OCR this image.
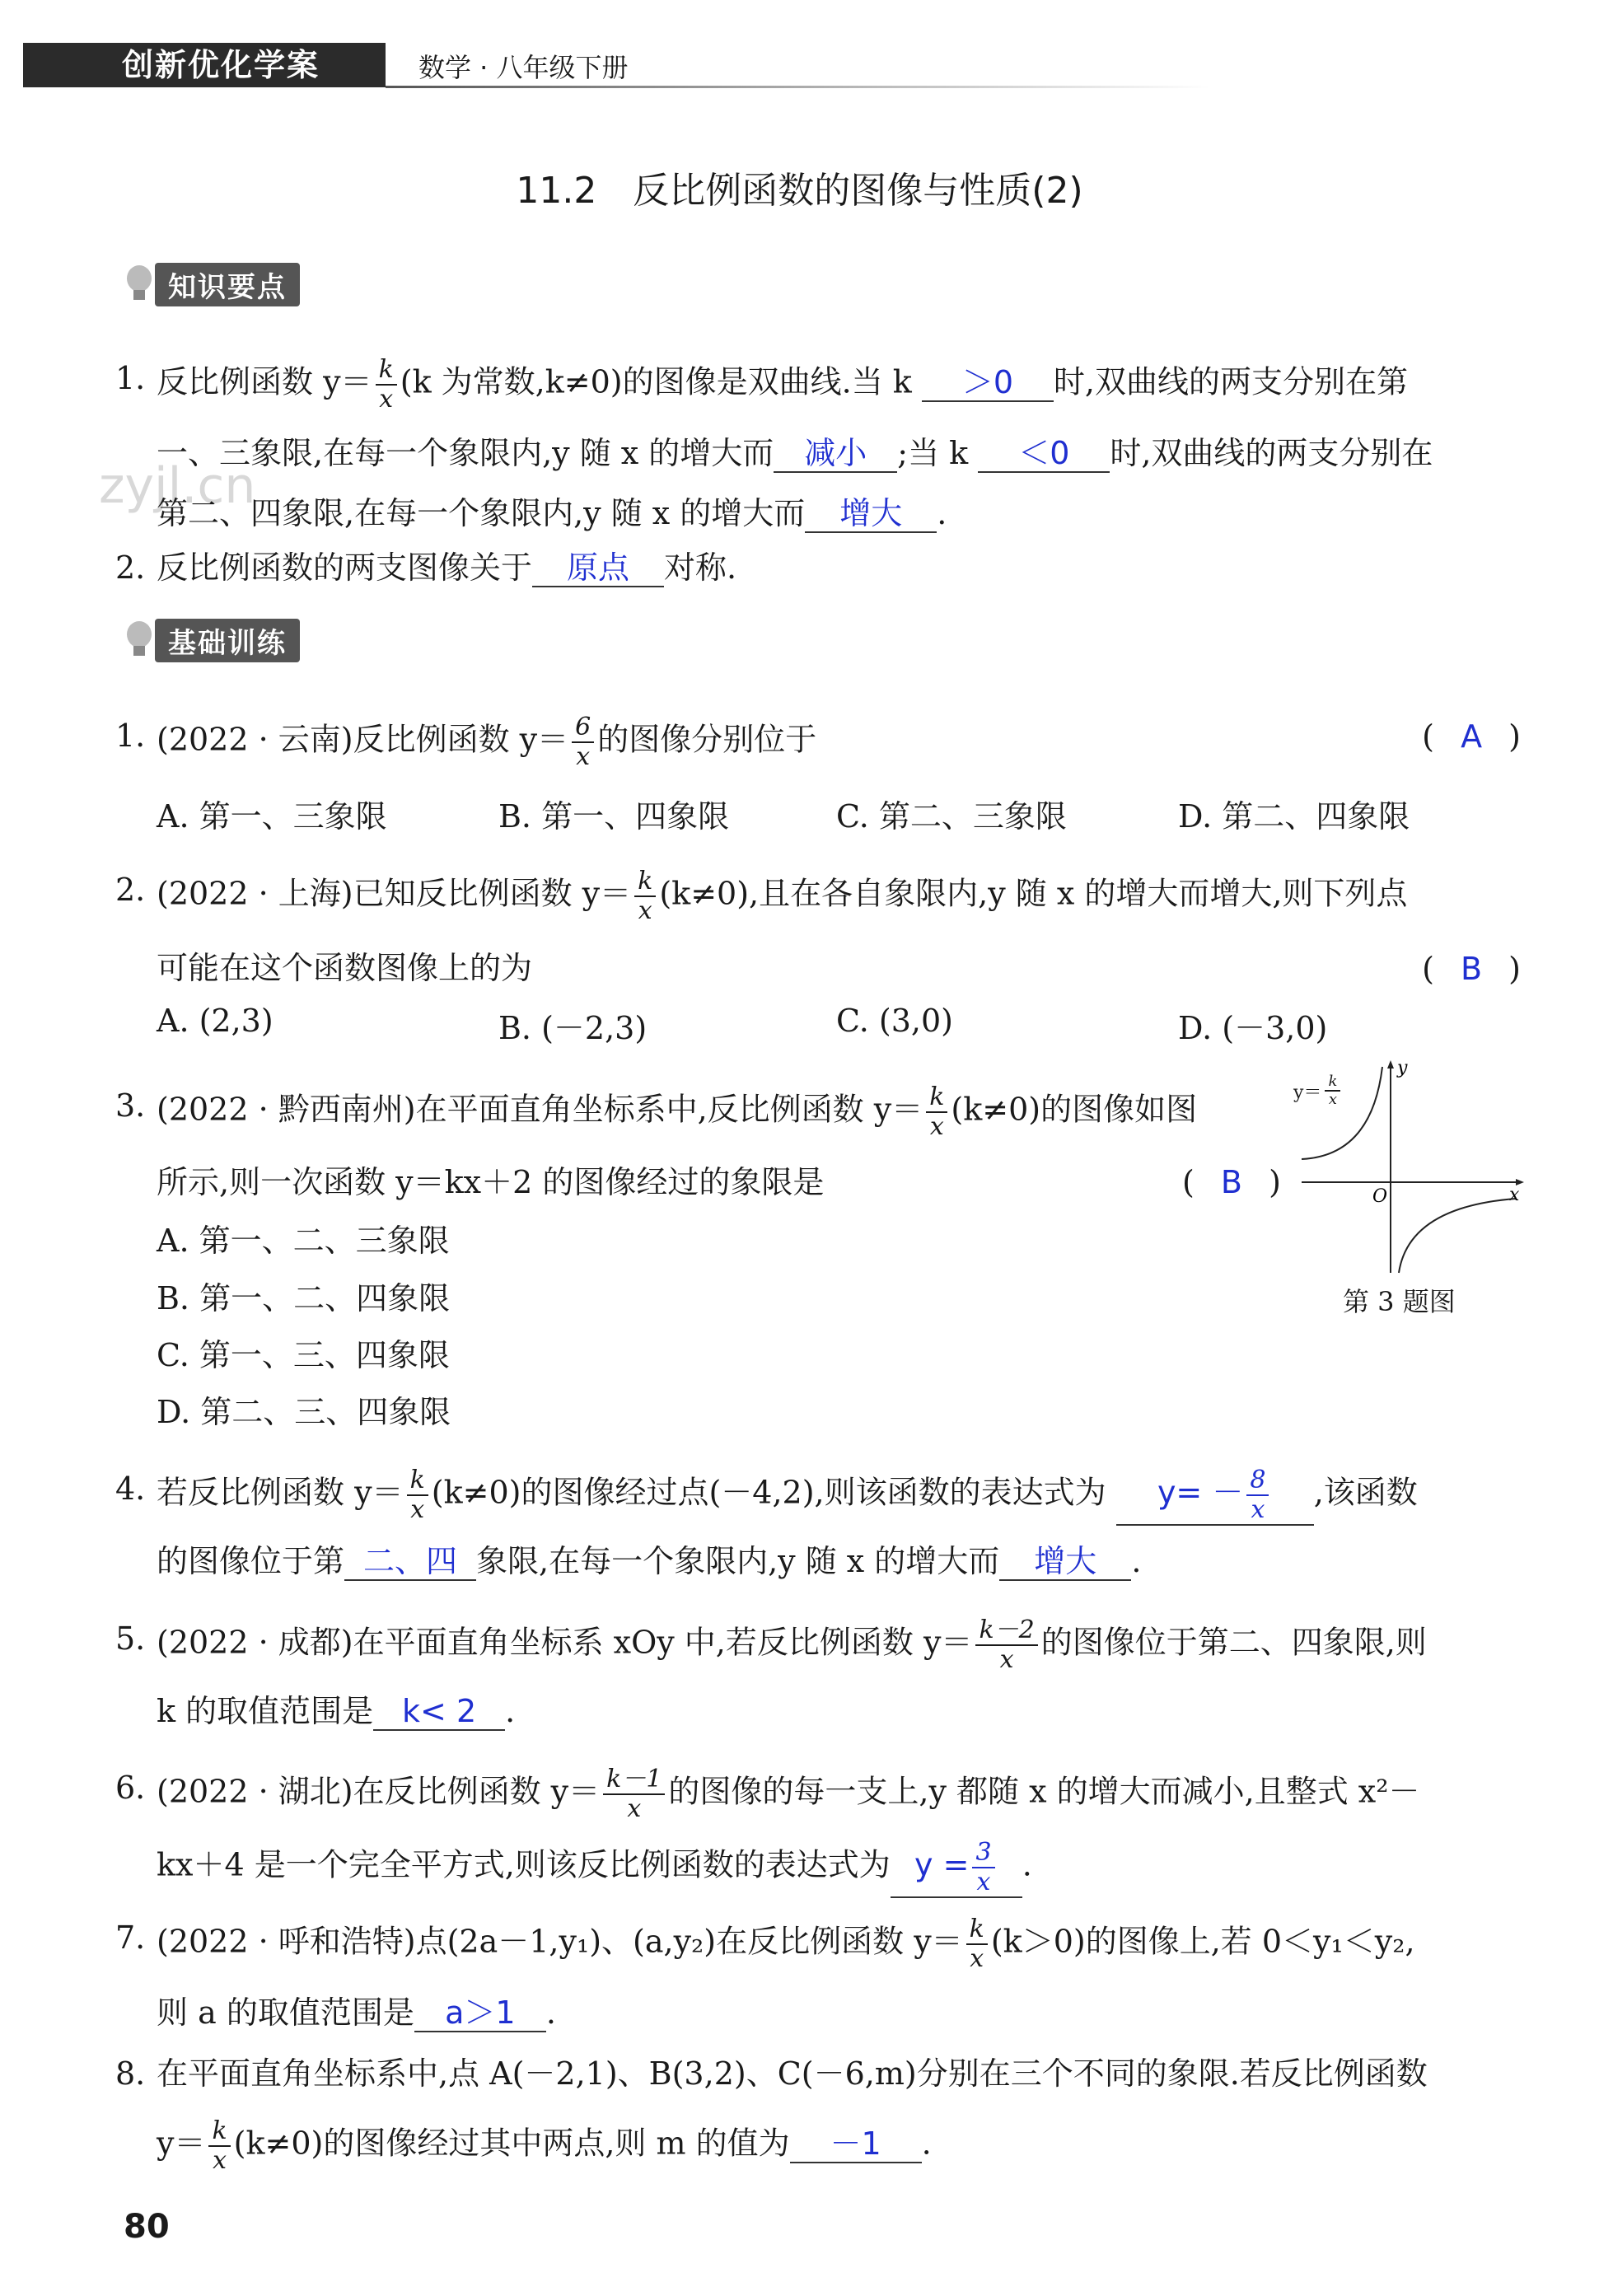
创新优化学案	数学 · 八年级下册
11.2　反比例函数的图像与性质(2)
zyjl.cn
知识要点
1. 反比例函数 $y= \frac{k}{x} (k$ 为常数,k≠0)的图像是双曲线.当 k ＞0 时,双曲线的两支分别在第
一、三象限,在每一个象限内,y 随 x 的增大而 减小 ;当 k ＜0 时,双曲线的两支分别在
第二、四象限,在每一个象限内,y 随 x 的增大而 增大 .
2. 反比例函数的两支图像关于 原点 对称.
基础训练
1. (2022 · 云南)反比例函数 $y= \frac{6}{x}$ 的图像分别位于	( A )
A. 第一、三象限	B. 第一、四象限	C. 第二、三象限	D. 第二、四象限
2. (2022 · 上海)已知反比例函数 $y= \frac{k}{x} (k\ne 0)$,且在各自象限内,y 随 x 的增大而增大,则下列点
可能在这个函数图像上的为	( B )
A. (2,3)	B. (－2,3)	C. (3,0)	D. (－3,0)
3. (2022 · 黔西南州)在平面直角坐标系中,反比例函数 $y= \frac{k}{x} (k\ne 0)$的图像如图
所示,则一次函数 y＝kx＋2 的图像经过的象限是	( B )
A. 第一、二、三象限
B. 第一、二、四象限
C. 第一、三、四象限
D. 第二、三、四象限
y
x
O
$y= \frac{k}{x}$
第 3 题图
4. 若反比例函数 $y= \frac{k}{x} (k\ne 0)$的图像经过点(－4,2),则该函数的表达式为 $y= - \frac{8}{x}$ ,该函数
的图像位于第 二、四 象限,在每一个象限内,y 随 x 的增大而 增大 .
5. (2022 · 成都)在平面直角坐标系 xOy 中,若反比例函数 $y= \frac{k-2}{x}$ 的图像位于第二、四象限,则
k 的取值范围是 k< 2 .
6. (2022 · 湖北)在反比例函数 $y= \frac{k-1}{x}$ 的图像的每一支上,y 都随 x 的增大而减小,且整式 x²－
kx＋4 是一个完全平方式,则该反比例函数的表达式为 $y = \frac{3}{x}$ .
7. (2022 · 呼和浩特)点(2a－1,y₁)、(a,y₂)在反比例函数 $y= \frac{k}{x} (k>0)$的图像上,若 0＜y₁＜y₂,
则 a 的取值范围是 a＞1 .
8. 在平面直角坐标系中,点 A(－2,1)、B(3,2)、C(－6,m)分别在三个不同的象限.若反比例函数
$y= \frac{k}{x} (k\ne 0)$的图像经过其中两点,则 m 的值为 －1 .
80
